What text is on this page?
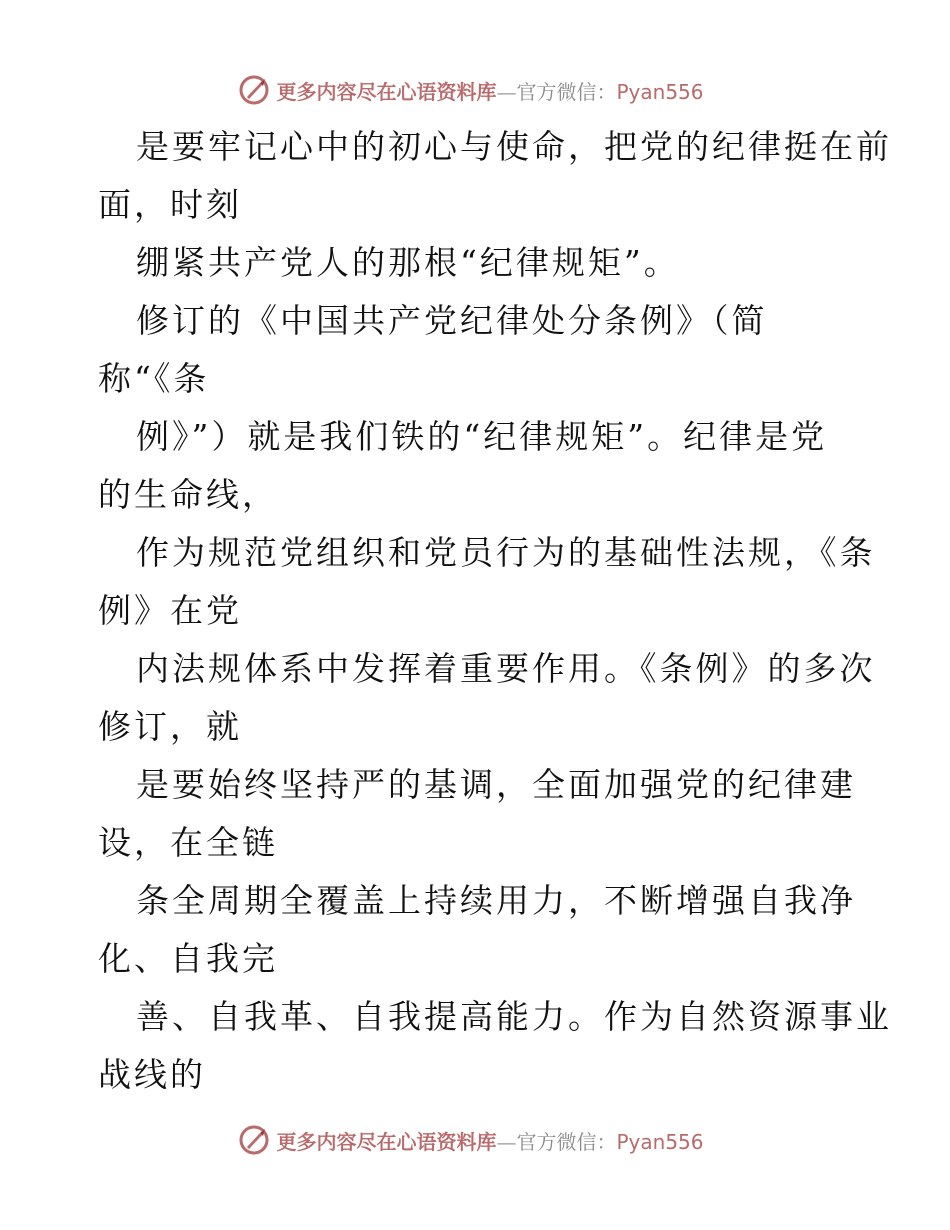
更多内容尽在心语资料库—官方微信：Pyan556

是要牢记心中的初心与使命，把党的纪律挺在前
面，时刻

绷紧共产党人的那根“纪律规矩”。

修订的《中国共产党纪律处分条例》（简
称“《条

例》”）就是我们铁的“纪律规矩”。纪律是党
的生命线，

作为规范党组织和党员行为的基础性法规，《条
例》在党

内法规体系中发挥着重要作用。《条例》的多次
修订，就

是要始终坚持严的基调，全面加强党的纪律建
设，在全链

条全周期全覆盖上持续用力，不断增强自我净
化、自我完

善、自我革、自我提高能力。作为自然资源事业
战线的

更多内容尽在心语资料库—官方微信：Pyan556
